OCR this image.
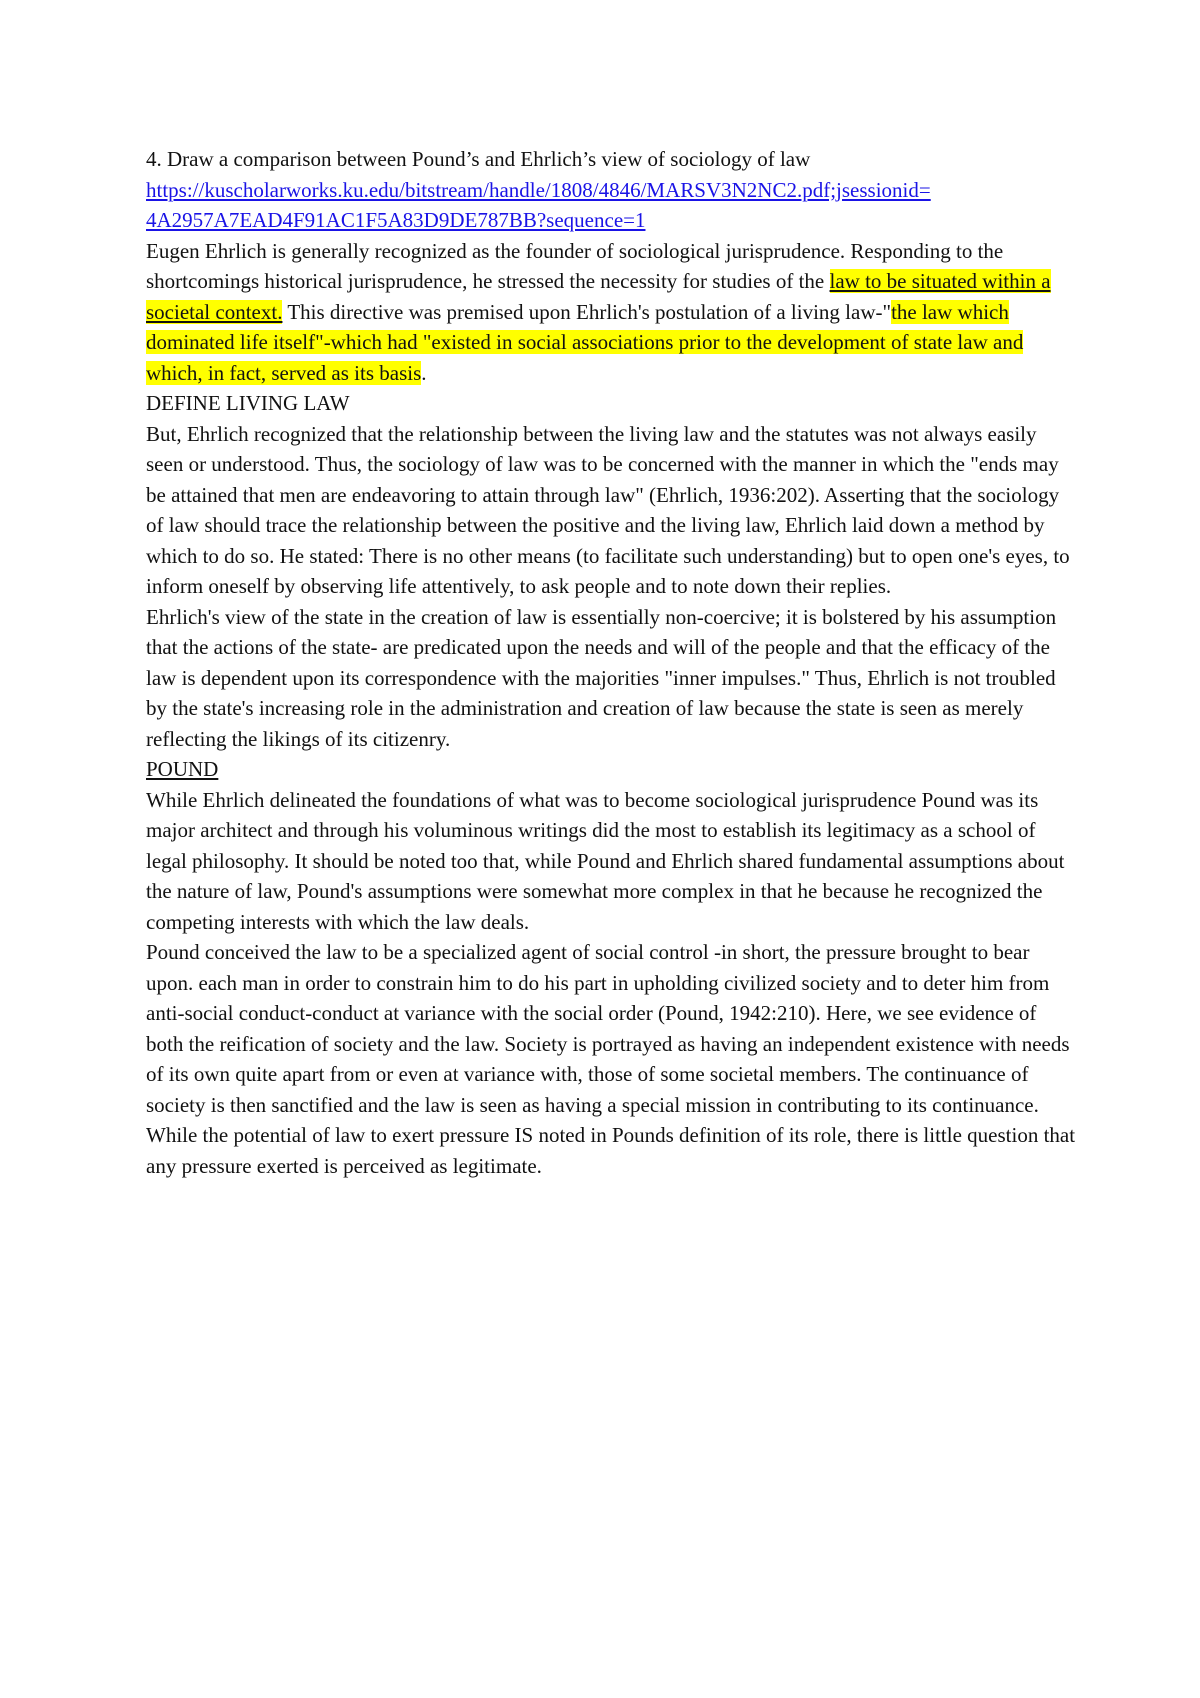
4. Draw a comparison between Pound’s and Ehrlich’s view of sociology of law

https://kuscholarworks.ku.edu/bitstream/handle/1808/4846/MARSV3N2NC2.pdf;jsessionid=
4A2957A7EAD4F91AC1F5A83D9DE787BB?sequence=1

Eugen Ehrlich is generally recognized as the founder of sociological jurisprudence. Responding to the shortcomings historical jurisprudence, he stressed the necessity for studies of the law to be situated within a societal context. This directive was premised upon Ehrlich's postulation of a living law-"the law which dominated life itself"-which had "existed in social associations prior to the development of state law and which, in fact, served as its basis.

DEFINE LIVING LAW

But, Ehrlich recognized that the relationship between the living law and the statutes was not always easily seen or understood. Thus, the sociology of law was to be concerned with the manner in which the "ends may be attained that men are endeavoring to attain through law" (Ehrlich, 1936:202). Asserting that the sociology of law should trace the relationship between the positive and the living law, Ehrlich laid down a method by which to do so. He stated: There is no other means (to facilitate such understanding) but to open one's eyes, to inform oneself by observing life attentively, to ask people and to note down their replies.

Ehrlich's view of the state in the creation of law is essentially non-coercive; it is bolstered by his assumption that the actions of the state- are predicated upon the needs and will of the people and that the efficacy of the law is dependent upon its correspondence with the majorities "inner impulses." Thus, Ehrlich is not troubled by the state's increasing role in the administration and creation of law because the state is seen as merely reflecting the likings of its citizenry.

POUND

While Ehrlich delineated the foundations of what was to become sociological jurisprudence Pound was its major architect and through his voluminous writings did the most to establish its legitimacy as a school of legal philosophy. It should be noted too that, while Pound and Ehrlich shared fundamental assumptions about the nature of law, Pound's assumptions were somewhat more complex in that he because he recognized the competing interests with which the law deals.

Pound conceived the law to be a specialized agent of social control -in short, the pressure brought to bear upon. each man in order to constrain him to do his part in upholding civilized society and to deter him from anti-social conduct-conduct at variance with the social order (Pound, 1942:210). Here, we see evidence of both the reification of society and the law. Society is portrayed as having an independent existence with needs of its own quite apart from or even at variance with, those of some societal members. The continuance of society is then sanctified and the law is seen as having a special mission in contributing to its continuance. While the potential of law to exert pressure IS noted in Pounds definition of its role, there is little question that any pressure exerted is perceived as legitimate.
